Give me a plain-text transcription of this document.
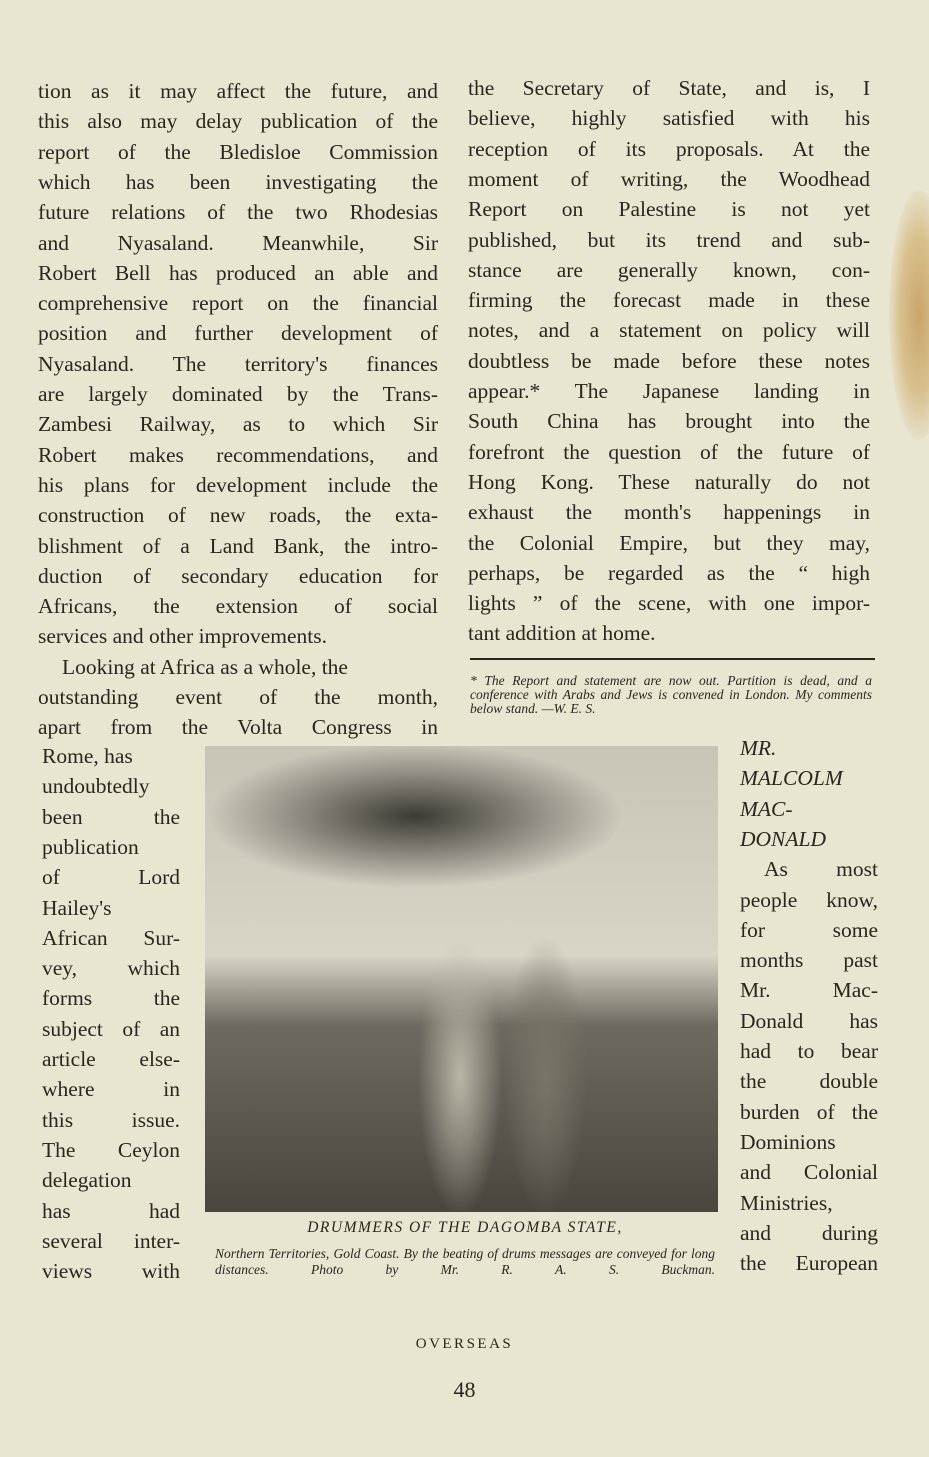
tion as it may affect the future, and
this also may delay publication of the
report of the Bledisloe Commission
which has been investigating the
future relations of the two Rhodesias
and Nyasaland. Meanwhile, Sir
Robert Bell has produced an able and
comprehensive report on the financial
position and further development of
Nyasaland. The territory's finances
are largely dominated by the Trans-
Zambesi Railway, as to which Sir
Robert makes recommendations, and
his plans for development include the
construction of new roads, the exta-
blishment of a Land Bank, the intro-
duction of secondary education for
Africans, the extension of social
services and other improvements.
Looking at Africa as a whole, the
outstanding event of the month,
apart from the Volta Congress in
Rome, has
undoubtedly
been the
publication
of Lord
Hailey's
African Sur-
vey, which
forms the
subject of an
article else-
where in
this issue.
The Ceylon
delegation
has had
several inter-
views with
the Secretary of State, and is, I
believe, highly satisfied with his
reception of its proposals. At the
moment of writing, the Woodhead
Report on Palestine is not yet
published, but its trend and sub-
stance are generally known, con-
firming the forecast made in these
notes, and a statement on policy will
doubtless be made before these notes
appear.* The Japanese landing in
South China has brought into the
forefront the question of the future of
Hong Kong. These naturally do not
exhaust the month's happenings in
the Colonial Empire, but they may,
perhaps, be regarded as the “ high
lights ” of the scene, with one impor-
tant addition at home.
MR.
MALCOLM
MAC-
DONALD
As most
people know,
for some
months past
Mr. Mac-
Donald has
had to bear
the double
burden of the
Dominions
and Colonial
Ministries,
and during
the European
* The Report and statement are now out. Partition is dead, and a conference with Arabs and Jews is convened in London. My comments below stand. —W. E. S.
DRUMMERS OF THE DAGOMBA STATE,
Northern Territories, Gold Coast. By the beating of drums messages are conveyed for long distances. Photo by Mr. R. A. S. Buckman.
OVERSEAS
48
